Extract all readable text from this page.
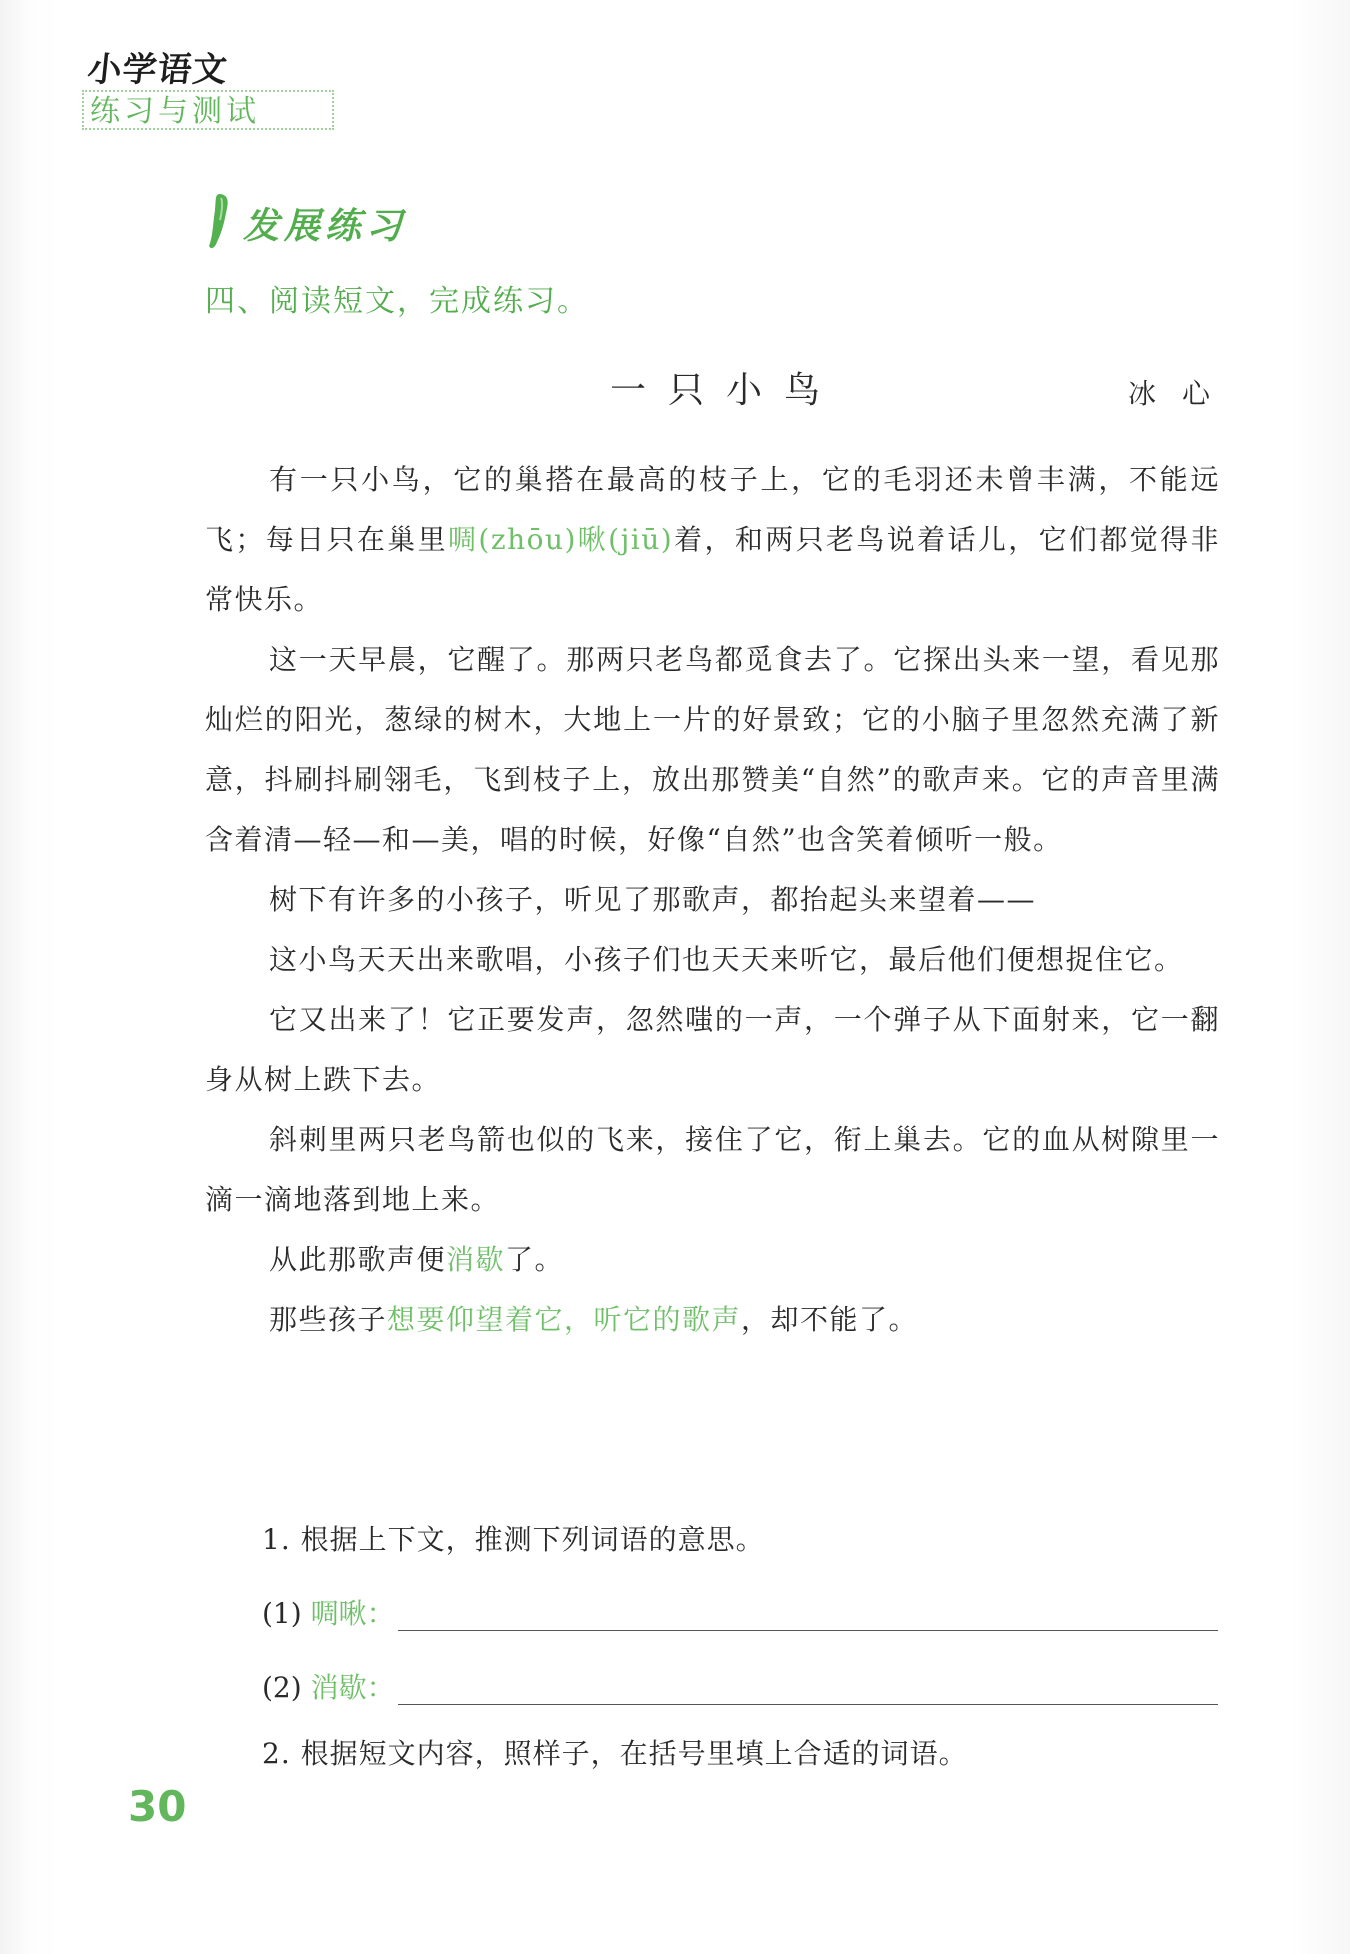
小学语文
练习与测试
发展练习
四、阅读短文，完成练习。
一只小鸟	冰心

有一只小鸟，它的巢搭在最高的枝子上，它的毛羽还未曾丰满，不能远飞；每日只在巢里啁(zhōu)啾(jiū)着，和两只老鸟说着话儿，它们都觉得非常快乐。

这一天早晨，它醒了。那两只老鸟都觅食去了。它探出头来一望，看见那灿烂的阳光，葱绿的树木，大地上一片的好景致；它的小脑子里忽然充满了新意，抖刷抖刷翎毛，飞到枝子上，放出那赞美“自然”的歌声来。它的声音里满含着清—轻—和—美，唱的时候，好像“自然”也含笑着倾听一般。

树下有许多的小孩子，听见了那歌声，都抬起头来望着——

这小鸟天天出来歌唱，小孩子们也天天来听它，最后他们便想捉住它。

它又出来了！它正要发声，忽然嗤的一声，一个弹子从下面射来，它一翻身从树上跌下去。

斜刺里两只老鸟箭也似的飞来，接住了它，衔上巢去。它的血从树隙里一滴一滴地落到地上来。

从此那歌声便消歇了。

那些孩子想要仰望着它，听它的歌声，却不能了。

1. 根据上下文，推测下列词语的意思。
(1) 啁啾：
(2) 消歇：
2. 根据短文内容，照样子，在括号里填上合适的词语。
30
